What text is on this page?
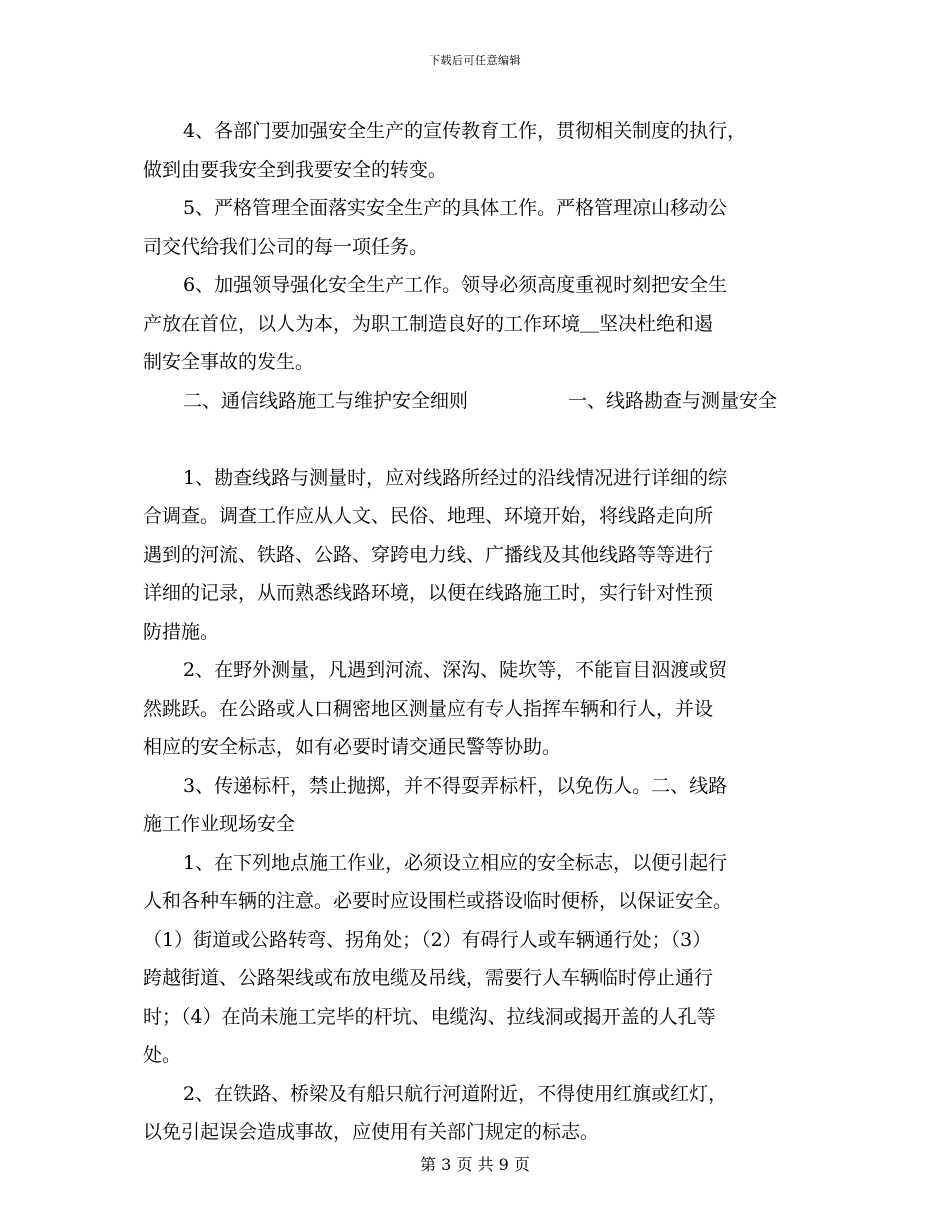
下载后可任意编辑
4、各部门要加强安全生产的宣传教育工作，贯彻相关制度的执行，
做到由要我安全到我要安全的转变。
5、严格管理全面落实安全生产的具体工作。严格管理凉山移动公
司交代给我们公司的每一项任务。
6、加强领导强化安全生产工作。领导必须高度重视时刻把安全生
产放在首位，以人为本，为职工制造良好的工作环境＿坚决杜绝和遏
制安全事故的发生。
二、通信线路施工与维护安全细则	一、线路勘查与测量安全
1、勘查线路与测量时，应对线路所经过的沿线情况进行详细的综
合调查。调查工作应从人文、民俗、地理、环境开始，将线路走向所
遇到的河流、铁路、公路、穿跨电力线、广播线及其他线路等等进行
详细的记录，从而熟悉线路环境，以便在线路施工时，实行针对性预
防措施。
2、在野外测量，凡遇到河流、深沟、陡坎等，不能盲目泅渡或贸
然跳跃。在公路或人口稠密地区测量应有专人指挥车辆和行人，并设
相应的安全标志，如有必要时请交通民警等协助。
3、传递标杆，禁止抛掷，并不得耍弄标杆，以免伤人。二、线路
施工作业现场安全
1、在下列地点施工作业，必须设立相应的安全标志，以便引起行
人和各种车辆的注意。必要时应设围栏或搭设临时便桥，以保证安全。
（1）街道或公路转弯、拐角处；（2）有碍行人或车辆通行处；（3）
跨越街道、公路架线或布放电缆及吊线，需要行人车辆临时停止通行
时；（4）在尚未施工完毕的杆坑、电缆沟、拉线洞或揭开盖的人孔等
处。
2、在铁路、桥梁及有船只航行河道附近，不得使用红旗或红灯，
以免引起误会造成事故，应使用有关部门规定的标志。
第 3 页 共 9 页
